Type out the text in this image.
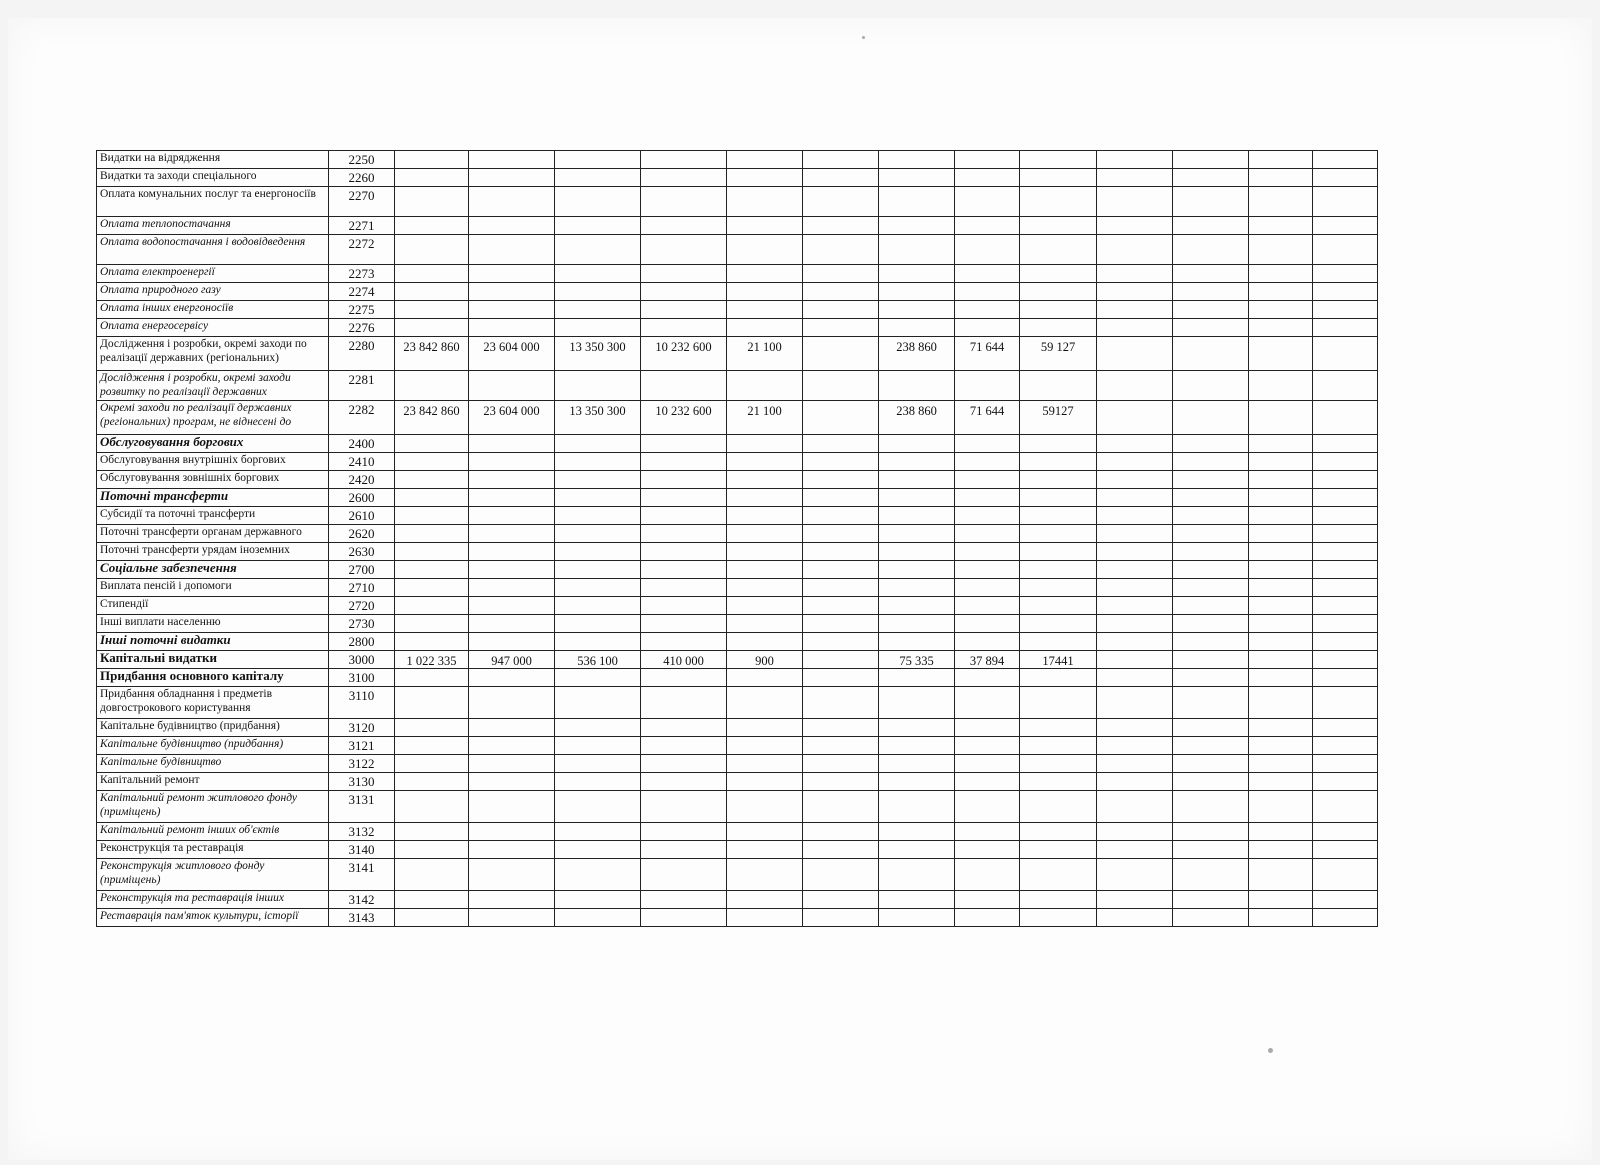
Видатки на відрядження	2250													
Видатки та заходи спеціального	2260													
Оплата комунальних послуг та енергоносіїв	2270													
Оплата теплопостачання	2271													
Оплата водопостачання і водовідведення	2272													
Оплата електроенергії	2273													
Оплата природного газу	2274													
Оплата інших енергоносіїв	2275													
Оплата енергосервісу	2276													
Дослідження і розробки, окремі заходи по реалізації державних (регіональних)	2280	23 842 860	23 604 000	13 350 300	10 232 600	21 100		238 860	71 644	59 127				
Дослідження і розробки, окремі заходи розвитку по реалізації державних	2281													
Окремі заходи по реалізації державних (регіональних) програм, не віднесені до	2282	23 842 860	23 604 000	13 350 300	10 232 600	21 100		238 860	71 644	59127				
Обслуговування боргових	2400													
Обслуговування внутрішніх боргових	2410													
Обслуговування зовнішніх боргових	2420													
Поточні трансферти	2600													
Субсидії та поточні трансферти	2610													
Поточні трансферти органам державного	2620													
Поточні трансферти урядам іноземних	2630													
Соціальне забезпечення	2700													
Виплата пенсій і допомоги	2710													
Стипендії	2720													
Інші виплати населенню	2730													
Інші поточні видатки	2800													
Капітальні видатки	3000	1 022 335	947 000	536 100	410 000	900		75 335	37 894	17441				
Придбання основного капіталу	3100													
Придбання обладнання і предметів довгострокового користування	3110													
Капітальне будівництво (придбання)	3120													
Капітальне будівництво (придбання)	3121													
Капітальне будівництво	3122													
Капітальний ремонт	3130													
Капітальний ремонт житлового фонду (приміщень)	3131													
Капітальний ремонт інших об'єктів	3132													
Реконструкція та реставрація	3140													
Реконструкція житлового фонду (приміщень)	3141													
Реконструкція та реставрація інших	3142													
Реставрація пам'яток культури, історії	3143													
